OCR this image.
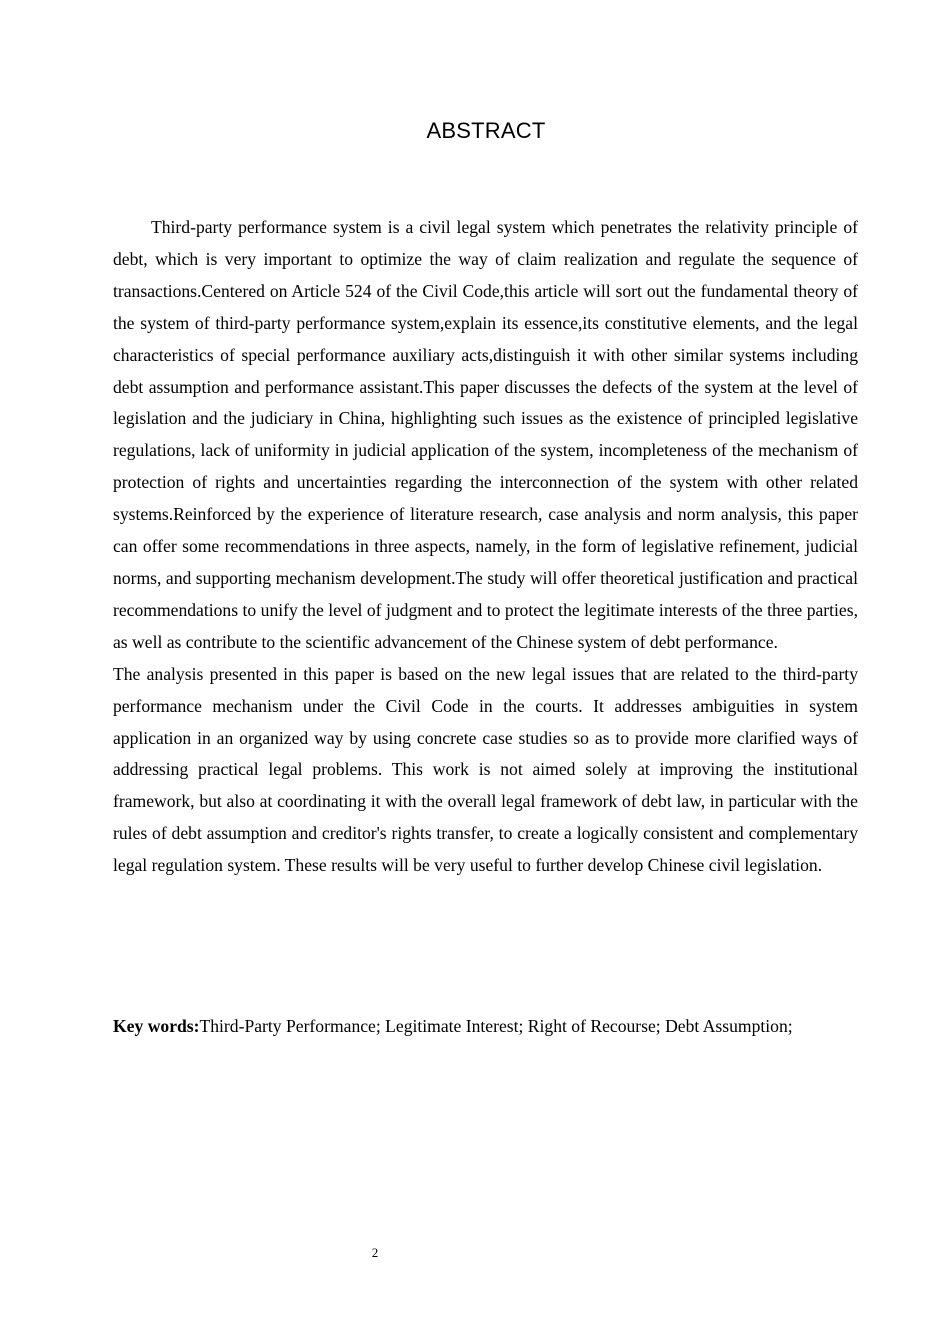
ABSTRACT

Third-party performance system is a civil legal system which penetrates the relativity principle of debt, which is very important to optimize the way of claim realization and regulate the sequence of transactions.Centered on Article 524 of the Civil Code,this article will sort out the fundamental theory of the system of third-party performance system,explain its essence,its constitutive elements, and the legal characteristics of special performance auxiliary acts,distinguish it with other similar systems including debt assumption and performance assistant.This paper discusses the defects of the system at the level of legislation and the judiciary in China, highlighting such issues as the existence of principled legislative regulations, lack of uniformity in judicial application of the system, incompleteness of the mechanism of protection of rights and uncertainties regarding the interconnection of the system with other related systems.Reinforced by the experience of literature research, case analysis and norm analysis, this paper can offer some recommendations in three aspects, namely, in the form of legislative refinement, judicial norms, and supporting mechanism development.The study will offer theoretical justification and practical recommendations to unify the level of judgment and to protect the legitimate interests of the three parties, as well as contribute to the scientific advancement of the Chinese system of debt performance.

The analysis presented in this paper is based on the new legal issues that are related to the third-party performance mechanism under the Civil Code in the courts. It addresses ambiguities in system application in an organized way by using concrete case studies so as to provide more clarified ways of addressing practical legal problems. This work is not aimed solely at improving the institutional framework, but also at coordinating it with the overall legal framework of debt law, in particular with the rules of debt assumption and creditor's rights transfer, to create a logically consistent and complementary legal regulation system. These results will be very useful to further develop Chinese civil legislation.

Key words:Third-Party Performance; Legitimate Interest; Right of Recourse; Debt Assumption;
2
